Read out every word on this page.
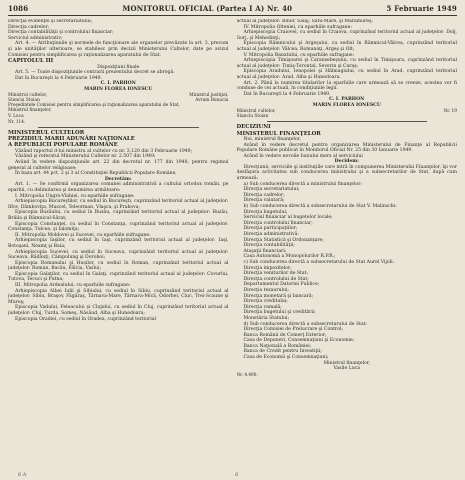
1086	MONITORUL OFICIAL (Partea I A) Nr. 40	5 Februarie 1949

Direcţia evidenţei şi secretariatului;

Direcţia cadrelor;

Direcţia contabilităţii şi controlului financiar;

Serviciul administrativ;

Art. 4. — Atribuţiunile şi normele de funcţionare ale organelor prevăzute la art. 3, precum şi ale unităţilor ulterioare, se stabilesc prin decizii Ministerului Cultelor, date pe avizul Comisiei pentru simplificarea şi raţionalizarea aparatului de Stat.

CAPITOLUL III

Dispoziţiuni finale

Art. 5. — Toate dispoziţiunile contrarii prezentului decret se abrogă.

Dat în Bucureşti la 4 Februarie 1949.

C. I. PARHON

MARIN FLOREA IONESCU

Ministrul cultelor,
Stanciu Stoian
Preşedintele Comisiei pentru simplificarea şi raţionalizarea aparatului de Stat,
Ministrul finanţelor,
V. Luca
Ministrul justiţiei,
Avram Bunaciu

Nr. 114.

MINISTERUL CULTELOR

PREZIDIUL MARII ADUNĂRI NAŢIONALE
A REPUBLICII POPULARE ROMÂNE

Văzând raportul d-lui ministru al cultelor cu nr. 3.120 din 3 Februarie 1949;

Văzând şi referatul Ministerului Cultelor nr. 2.507 din 1949;

Având în vedere dispoziţiunile art. 22 din decretul nr. 177 din 1948, pentru regimul general al cultelor religioase;

În baza art. 44 pct. 2 şi 3 al Constituţiei Republicii Populare Române,

Decretăm:

Art. 1. — Se confirmă organizarea comunei administrativă a cultului ortodox român, pe eparhii, cu delimitarea şi denumirea următoare:

I. Mitropolia Ungro-Vlahiei, cu eparhiile sufragane:

Arhiepiscopia Bucureştilor, cu sediul în Bucureşti, cuprinzând teritoriul actual al judeţelor: Ilfov, Dâmboviţa, Muscel, Teleorman, Vlaşca, şi Prahova;

Episcopia Buzăului, cu sediul în Buzău, cuprinzând teritoriul actual al judeţelor: Buzău, Brăila şi Râmnicul-Sărat;

Episcopia Constanţei, cu sediul în Constanţa, cuprinzând teritoriul actual al judeţelor: Constanţa, Tulcea, şi Ialomiţa;

II. Mitropolia Moldovei şi Sucevei, cu eparhiile sufragane:

Arhiepiscopia Iaşilor, cu sediul în Iaşi, cuprinzând teritoriul actual al judeţelor: Iaşi, Botoşani, Neamţ şi Baia;

Arhiepiscopia Sucevei, cu sediul în Suceava, cuprinzând teritoriul actual al judeţelor: Suceava, Rădăuţi, Câmpulung şi Dorohoi;

Episcopia Romanului şi Hușilor, cu sediul în Roman, cuprinzând teritoriul actual al judeţelor: Roman, Bacău, Fălciu, Vaslui;

Episcopia Galaţilor, cu sediul în Galaţi, cuprinzând teritoriul actual al judeţelor: Covurlui, Tutova, Tecuci şi Putna;

III. Mitropolia Ardealului, cu eparhiile sufragane:

Arhiepiscopia Albei Iulii şi Sibiului, cu sediul în Sibiu, cuprinzând teritoriul actual al judeţelor: Sibiu, Braşov, Făgăraş, Târnava-Mare, Târnava-Mică, Odorhei, Ciuc, Trei-Scaune şi Mureş;

Episcopia Vadului, Feleacului şi Clujului, cu sediul în Cluj, cuprinzând teritoriul actual al judeţelor: Cluj, Turda, Someş, Năsăud, Alba şi Hunedoara;

Episcopia Oradiei, cu sediul în Oradea, cuprinzând teritoriul

actual al judeţelor: Bihor, Sălaj, Satu-Mare, şi Maramureş;

IV. Mitropolia Olteniei, cu eparhiile sufragane:

Arhiepiscopia Craiovei, cu sediul în Craiova, cuprinzând teritoriul actual al judeţelor: Dolj, Gorj, şi Mehedinţi;

Episcopia Râmnicului şi Argeşului, cu sediul în Râmnicul-Vâlcea, cuprinzând teritoriul actual al judeţelor: Vâlcea, Romanaţi, Argeş şi Olt;

V. Mitropolia Banatului, cu eparhiile sufragane:

Arhiepiscopia Timişoarei şi Caransebeşului, cu sediul în Timişoara, cuprinzând teritoriul actual al judeţelor: Timiş-Torontal, Severin şi Caraş;

Episcopia Aradului, Ienopolei şi Hălmagiului, cu sediul în Arad, cuprinzând teritoriul actual al judeţelor: Arad, Alba şi Hunedoara.

Art. 2. Până la numirea titularilor la eparhiile care urmează să se creeze, acestea vor fi conduse de cei actuali, în condiţiunile legii.

Dat în Bucureşti la 4 Februarie 1949.

C. I. PARHON

MARIN FLOREA IONESCU

Ministrul cultelor,
Stanciu Stoian
Nr. 19

DECIZIUNI

MINISTERUL FINANŢELOR

Noi, ministrul finanţelor,

Având în vedere decretul pentru organizarea Ministerului de Finanţe al Republicii Populare Române publicat în Monitorul Oficial Nr. 25 din 30 Ianuarie 1949.

Având în vedere nevoile bunului mers al serviciului

Decidem:

Direcţiunii, serviciile şi instituţiile care intră în compunerea Ministerului Finanţelor, îşi vor desfăşura activitatea sub conducerea ministrului şi a subsecretarilor de Stat, după cum urmează:

a) Sub conducerea directă a ministrului finanţelor:

Direcţia secretariatului;

Direcţia cadrelor;

Direcţia valutară;

b) Sub conducerea directă a subsecretarului de Stat V. Malinschi:

Direcţia bugetului;

Serviciul financiar al bugetelor locale;

Direcţia controlului financiar;

Direcţia participaţiilor;

Direcţia administrativă;

Direcţia Statistică şi Ordonanţare;

Direcţia contabilităţii;

Ataşaţii financiari;

Casa Autonomă a Monopolurilor R.P.R.;

c) Sub conducerea directă a subsecretarului de Stat Aurel Vijoli:

Direcţia impozitelor;

Direcţia veniturilor de Stat;

Direcţia controlului de Stat;

Departamentul Datoriei Publice;

Direcţia tezaurului;

Direcţia monetară şi bancară;

Direcţia creditului;

Direcţia vamală;

Direcţia bugetului şi creditării;

Monetăria Statului;

d) Sub conducerea directă a subsecretarului de Stat:

Direcţia Comisiei de Prelucrare şi Control;

Banca Română de Comerţ Exterior;

Casa de Depuneri, Consemnaţiuni şi Economie;

Banca Naţională a României;

Banca de Credit pentru Investiţii;

Casa de Economii şi Consemnaţiuni;

Ministrul finanţelor,
Vasile Luca

Nr. 4.490.

6 A	6
